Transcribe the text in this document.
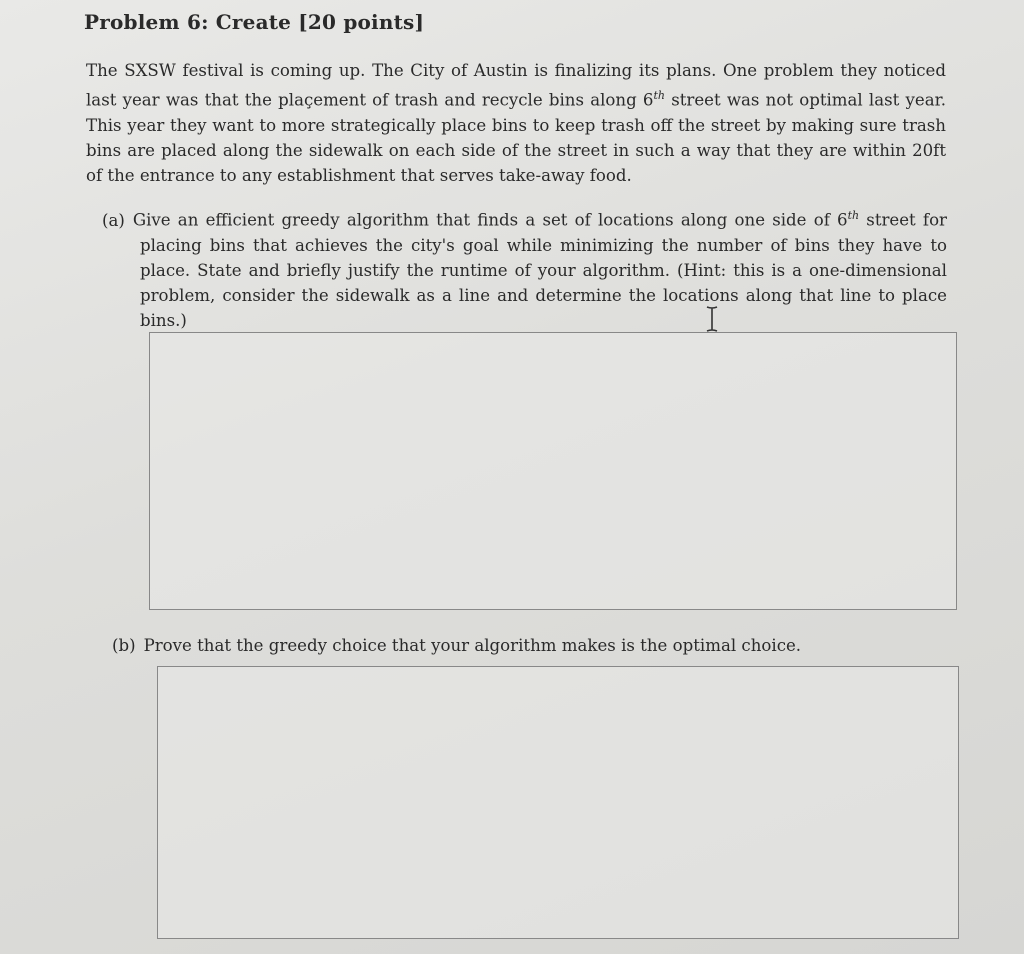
Problem 6: Create [20 points]
The SXSW festival is coming up. The City of Austin is finalizing its plans. One problem they noticed last year was that the plaçement of trash and recycle bins along 6th street was not optimal last year. This year they want to more strategically place bins to keep trash off the street by making sure trash bins are placed along the sidewalk on each side of the street in such a way that they are within 20ft of the entrance to any establishment that serves take-away food.
(a) Give an efficient greedy algorithm that finds a set of locations along one side of 6th street for placing bins that achieves the city's goal while minimizing the number of bins they have to place. State and briefly justify the runtime of your algorithm. (Hint: this is a one-dimensional problem, consider the sidewalk as a line and determine the locations along that line to place bins.)
(b) Prove that the greedy choice that your algorithm makes is the optimal choice.
